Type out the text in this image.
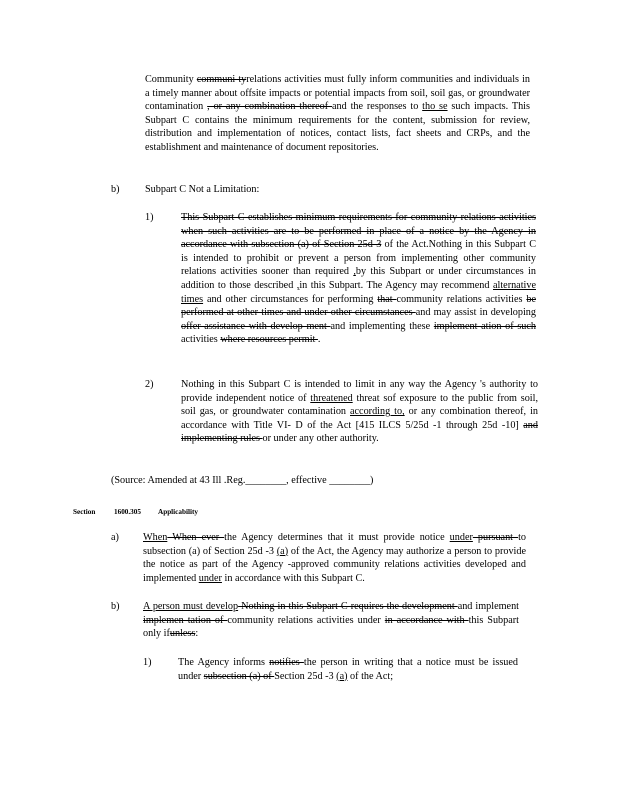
Community communi tyrelations activities must fully inform communities and individuals in a timely manner about offsite impacts or potential impacts from soil, soil gas, or groundwater contamination , or any combination thereof and the responses to tho se such impacts. This Subpart C contains the minimum requirements for the content, submission for review, distribution and implementation of notices, contact lists, fact sheets and CRPs, and the establishment and maintenance of document repositories.

b)	Subpart C Not a Limitation:

1)	This Subpart C establishes minimum requirements for community relations activities when such activities are to be performed in place of a notice by the Agency in accordance with subsection (a) of Section 25d-3 of the Act.Nothing in this Subpart C is intended to prohibit or prevent a person from implementing other community relations activities sooner than required ,by this Subpart or under circumstances in addition to those described ,in this Subpart. The Agency may recommend alternative times and other circumstances for performing that community relations activities be performed at other times and under other circumstances and may assist in developing offer assistance with develop ment and implementing these implement ation of such activities where resources permit .

2)	Nothing in this Subpart C is intended to limit in any way the Agency 's authority to provide independent notice of threatened threat sof exposure to the public from soil, soil gas, or groundwater contamination according to, or any combination thereof, in accordance with Title VI- D of the Act [415 ILCS 5/25d -1 through 25d -10] and implementing rules or under any other authority.

(Source: Amended at 43 Ill .Reg.________, effective ________)

Section	1600.305 Applicability

a) When When ever the Agency determines that it must provide notice under pursuant to subsection (a) of Section 25d -3 (a) of the Act, the Agency may authorize a person to provide the notice as part of the Agency -approved community relations activities developed and implemented under in accordance with this Subpart C.

b) A person must develop Nothing in this Subpart C requires the development and implement implemen tation of community relations activities under in accordance with this Subpart only ifunless:

1)	The Agency informs notifies the person in writing that a notice must be issued under subsection (a) of Section 25d -3 (a) of the Act;
